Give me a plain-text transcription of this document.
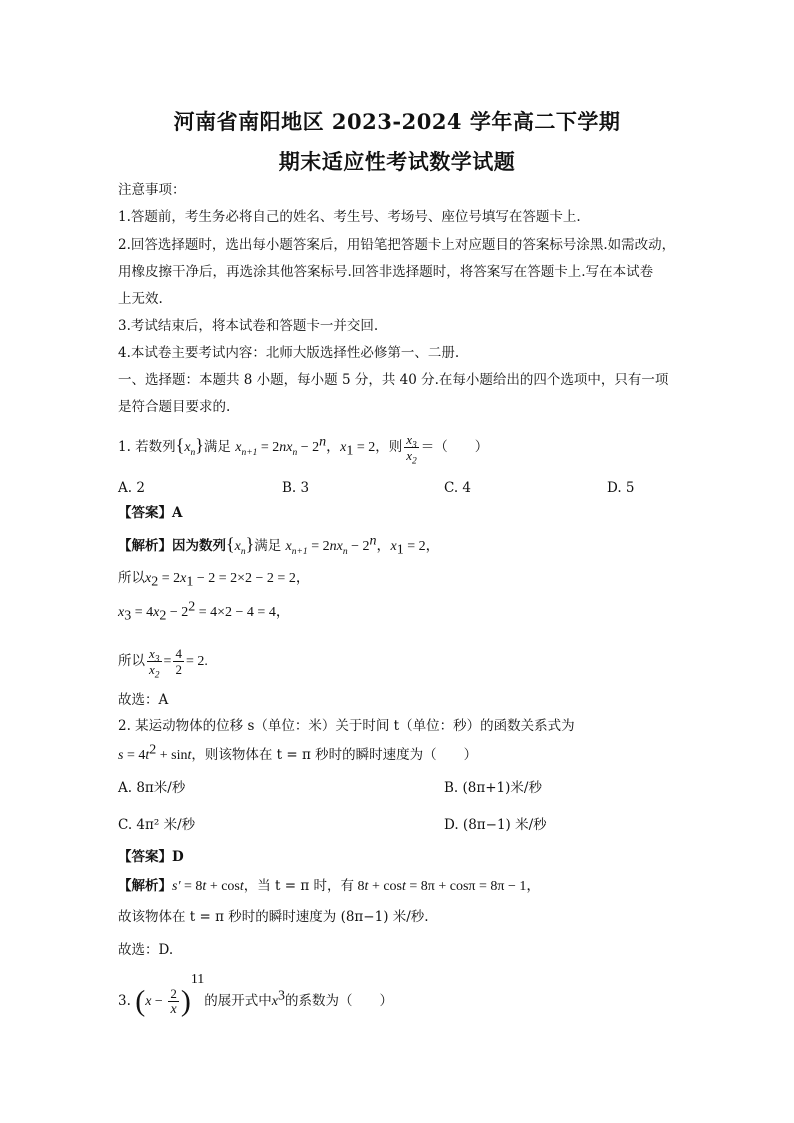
河南省南阳地区 2023-2024 学年高二下学期
期末适应性考试数学试题
注意事项：
1.答题前，考生务必将自己的姓名、考生号、考场号、座位号填写在答题卡上.
2.回答选择题时，选出每小题答案后，用铅笔把答题卡上对应题目的答案标号涂黑.如需改动，
用橡皮擦干净后，再选涂其他答案标号.回答非选择题时，将答案写在答题卡上.写在本试卷
上无效.
3.考试结束后，将本试卷和答题卡一并交回.
4.本试卷主要考试内容：北师大版选择性必修第一、二册.
一、选择题：本题共 8 小题，每小题 5 分，共 40 分.在每小题给出的四个选项中，只有一项
是符合题目要求的.
1. 若数列$\{x_n\}$满足 $x_{n+1} = 2nx_n - 2^n$，$x_1 = 2$，则 $\frac{x_3}{x_2}$ ＝（　　）
A. 2	B. 3	C. 4	D. 5
【答案】A
【解析】因为数列$\{x_n\}$满足 $x_{n+1} = 2nx_n - 2^n$，$x_1 = 2$，
所以$x_2 = 2x_1 - 2 = 2\times 2 - 2 = 2$，
$x_3 = 4x_2 - 2^2 = 4\times 2 - 4 = 4$，
所以 $\frac{x_3}{x_2} = \frac{4}{2} = 2$.
故选：A
2. 某运动物体的位移 s（单位：米）关于时间 t（单位：秒）的函数关系式为
$s = 4t^2 + \sin t$，则该物体在 t = π 秒时的瞬时速度为（　　）
A. 8π米/秒	B. (8π+1)米/秒
C. 4π² 米/秒	D. (8π−1) 米/秒
【答案】D
【解析】s′ = 8t + cost，当 t = π 时，有 8t + cost = 8π + cosπ = 8π − 1，
故该物体在 t = π 秒时的瞬时速度为 (8π−1) 米/秒.
故选：D.
3. $(x - \frac{2}{x} )^{11}$的展开式中$x^3$的系数为（　　）
